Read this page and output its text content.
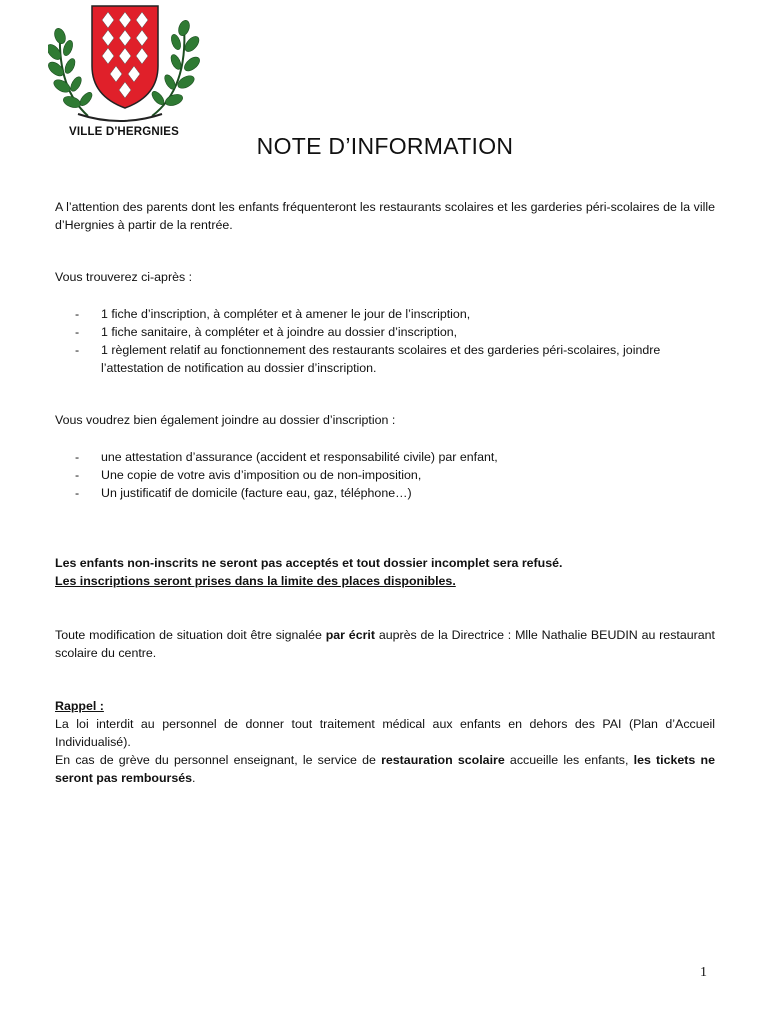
VILLE D'HERGNIES
NOTE D’INFORMATION
A l’attention des parents dont les enfants fréquenteront les restaurants scolaires et les garderies péri-scolaires de la ville d’Hergnies à partir de la rentrée.
Vous trouverez ci-après :
- 1 fiche d’inscription, à compléter et à amener le jour de l’inscription,
- 1 fiche sanitaire, à compléter et à joindre au dossier d’inscription,
- 1 règlement relatif au fonctionnement des restaurants scolaires et des garderies péri-scolaires, joindre l’attestation de notification au dossier d’inscription.
Vous voudrez bien également joindre au dossier d’inscription :
- une attestation d’assurance (accident et responsabilité civile) par enfant,
- Une copie de votre avis d’imposition ou de non-imposition,
- Un justificatif de domicile (facture eau, gaz, téléphone…)
Les enfants non-inscrits ne seront pas acceptés et tout dossier incomplet sera refusé.
Les inscriptions seront prises dans la limite des places disponibles.
Toute modification de situation doit être signalée par écrit auprès de la Directrice : Mlle Nathalie BEUDIN au restaurant scolaire du centre.
Rappel :
La loi interdit au personnel de donner tout traitement médical aux enfants en dehors des PAI (Plan d’Accueil Individualisé).
En cas de grève du personnel enseignant, le service de restauration scolaire accueille les enfants, les tickets ne seront pas remboursés.
1
